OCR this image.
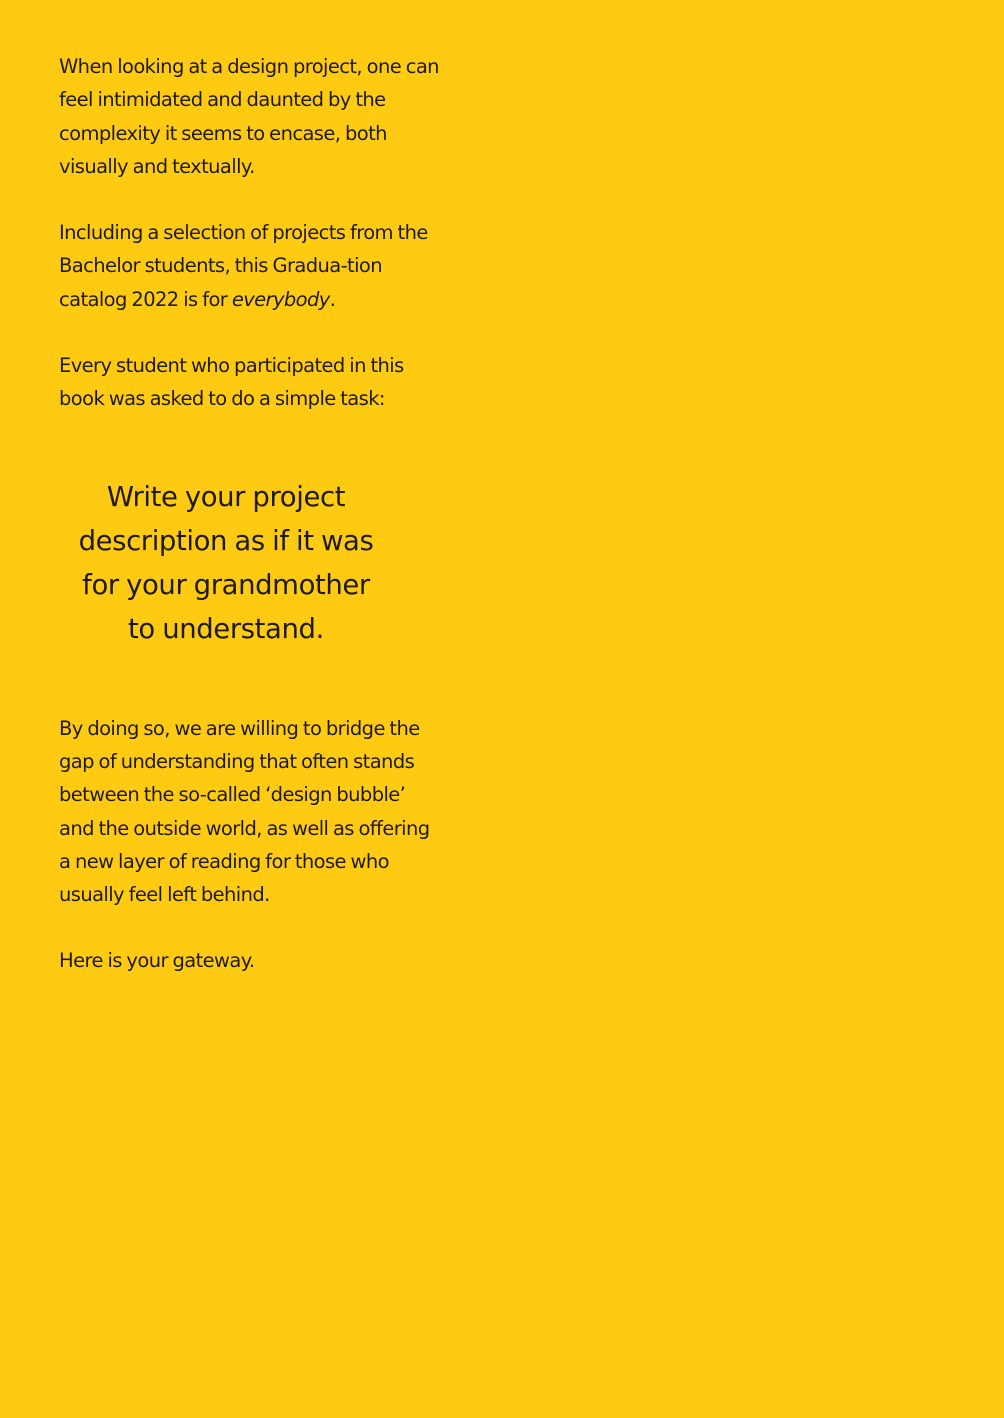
When looking at a design project, one can feel intimidated and daunted by the complexity it seems to encase, both visually and textually.

Including a selection of projects from the Bachelor students, this Gradua-tion catalog 2022 is for everybody.

Every student who participated in this book was asked to do a simple task:

Write your project
description as if it was
for your grandmother
to understand.

By doing so, we are willing to bridge the gap of understanding that often stands between the so-called ‘design bubble’ and the outside world, as well as offering a new layer of reading for those who usually feel left behind.

Here is your gateway.
